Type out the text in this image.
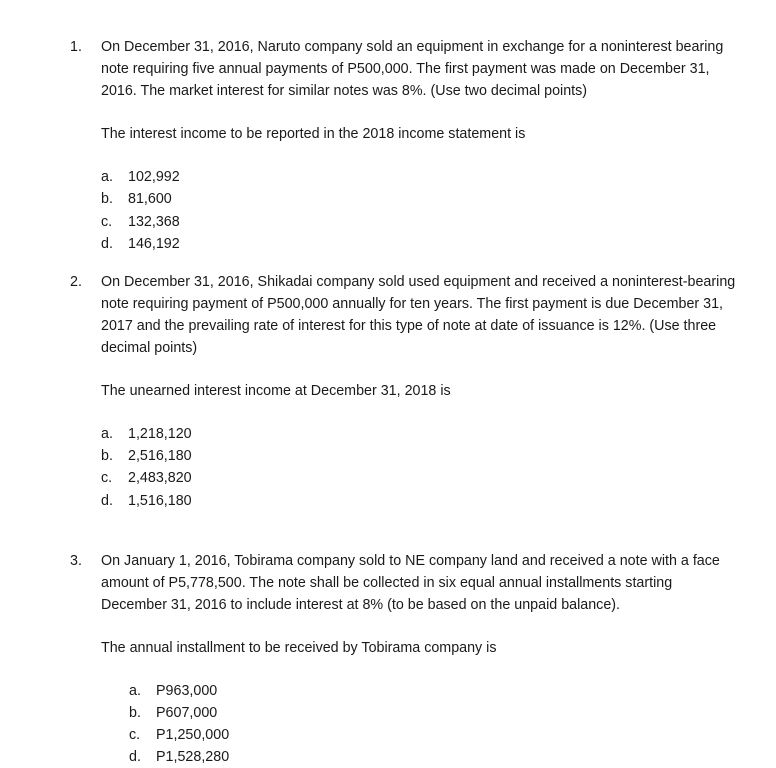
1.	On December 31, 2016, Naruto company sold an equipment in exchange for a noninterest bearing note requiring five annual payments of P500,000. The first payment was made on December 31, 2016. The market interest for similar notes was 8%. (Use two decimal points)

The interest income to be reported in the 2018 income statement is

a.	102,992
b.	81,600
c.	132,368
d.	146,192
2.	On December 31, 2016, Shikadai company sold used equipment and received a noninterest-bearing note requiring payment of P500,000 annually for ten years. The first payment is due December 31, 2017 and the prevailing rate of interest for this type of note at date of issuance is 12%. (Use three decimal points)

The unearned interest income at December 31, 2018 is

a.	1,218,120
b.	2,516,180
c.	2,483,820
d.	1,516,180
3.	On January 1, 2016, Tobirama company sold to NE company land and received a note with a face amount of P5,778,500. The note shall be collected in six equal annual installments starting December 31, 2016 to include interest at 8% (to be based on the unpaid balance).

The annual installment to be received by Tobirama company is

a.	P963,000
b.	P607,000
c.	P1,250,000
d.	P1,528,280
